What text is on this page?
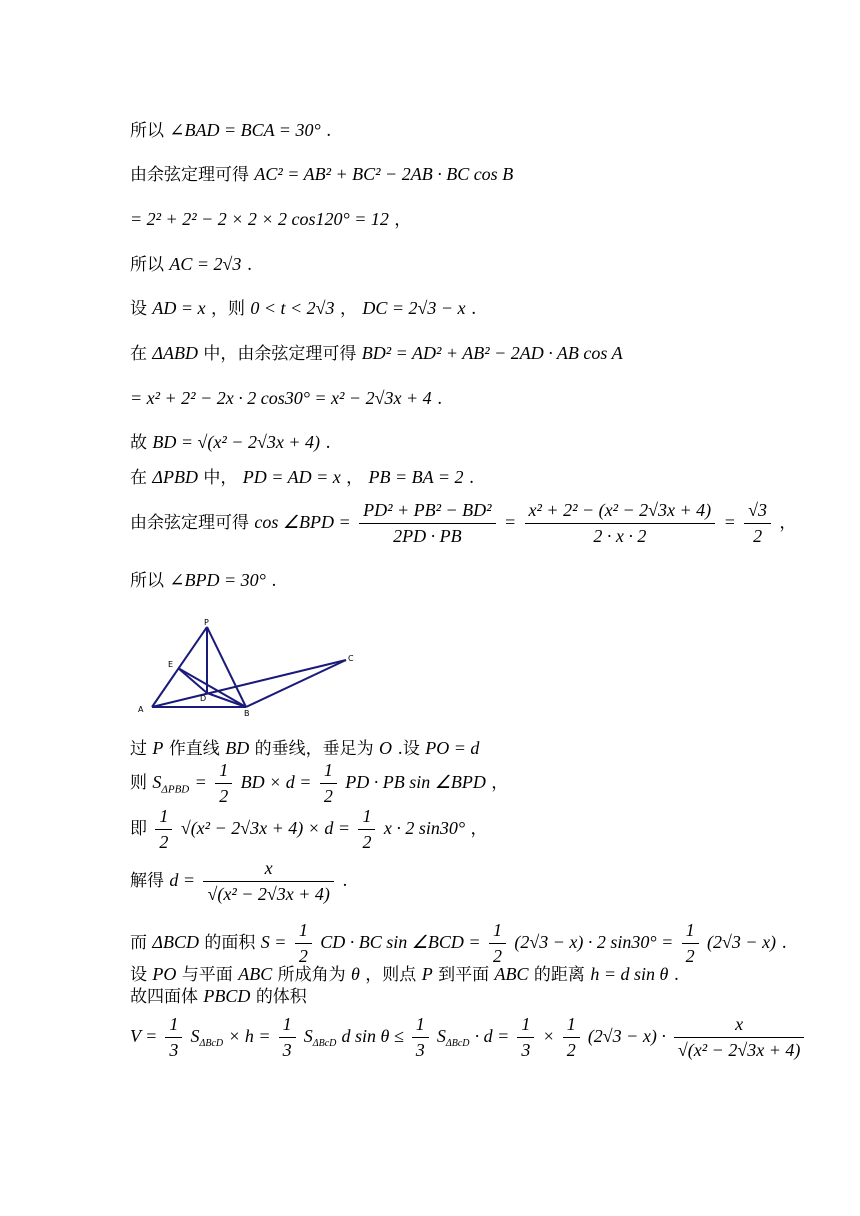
所以 ∠BAD = BCA = 30° .
由余弦定理可得 AC² = AB² + BC² − 2AB · BC cos B
= 2² + 2² − 2 × 2 × 2 cos120° = 12 ，
所以 AC = 2√3 .
设 AD = x ，则 0 < t < 2√3 ， DC = 2√3 − x .
在 ΔABD 中，由余弦定理可得 BD² = AD² + AB² − 2AD · AB cos A
= x² + 2² − 2x · 2 cos30° = x² − 2√3x + 4 .
故 BD = √(x² − 2√3x + 4) .
在 ΔPBD 中， PD = AD = x ， PB = BA = 2 .
由余弦定理可得 cos ∠BPD = $\frac{\text{PD² + PB² − BD²}}{2PD \cdot PB} = \frac{\text{x² + 2² − (x² − 2√3x + 4)}}{2 \cdot x \cdot 2} = \frac{√3}{2}$ ，
所以 ∠BPD = 30° .
P
E
D
A	B
C
过 P 作直线 BD 的垂线，垂足为 O .设 PO = d
则 $S_{\Delta PBD} = \frac{1}{2}$ BD × $d = \frac{1}{2}$ PD · PB sin ∠BPD ，
即 $\frac{1}{2} √(x^2 - 2√3x + 4) \times d = \frac{1}{2}$ x · 2 sin30° ，
解得 $d = \frac{x}{\text{√(x² − 2√3x + 4)}}$ .
而 ΔBCD 的面积 $S = \frac{1}{2}$ CD · BC sin ∠BCD = $\frac{1}{2} (2√3 - x) \cdot 2$ $\sin 30^\circ = \frac{1}{2} (2√3 - x)$ .
设 PO 与平面 ABC 所成角为 θ ，则点 P 到平面 ABC 的距离 h = d sin θ .
故四面体 PBCD 的体积
$V = \frac{1}{3} S_{\Delta BcD} \times h = \frac{1}{3} S_{\Delta BcD}$ d $\sin \theta \le \frac{1}{3} S_{\Delta BcD} \cdot d = \frac{1}{3} \times \frac{1}{2} (2√3 - x) \cdot \frac{x}{\text{√(x² − 2√3x + 4)}}$
